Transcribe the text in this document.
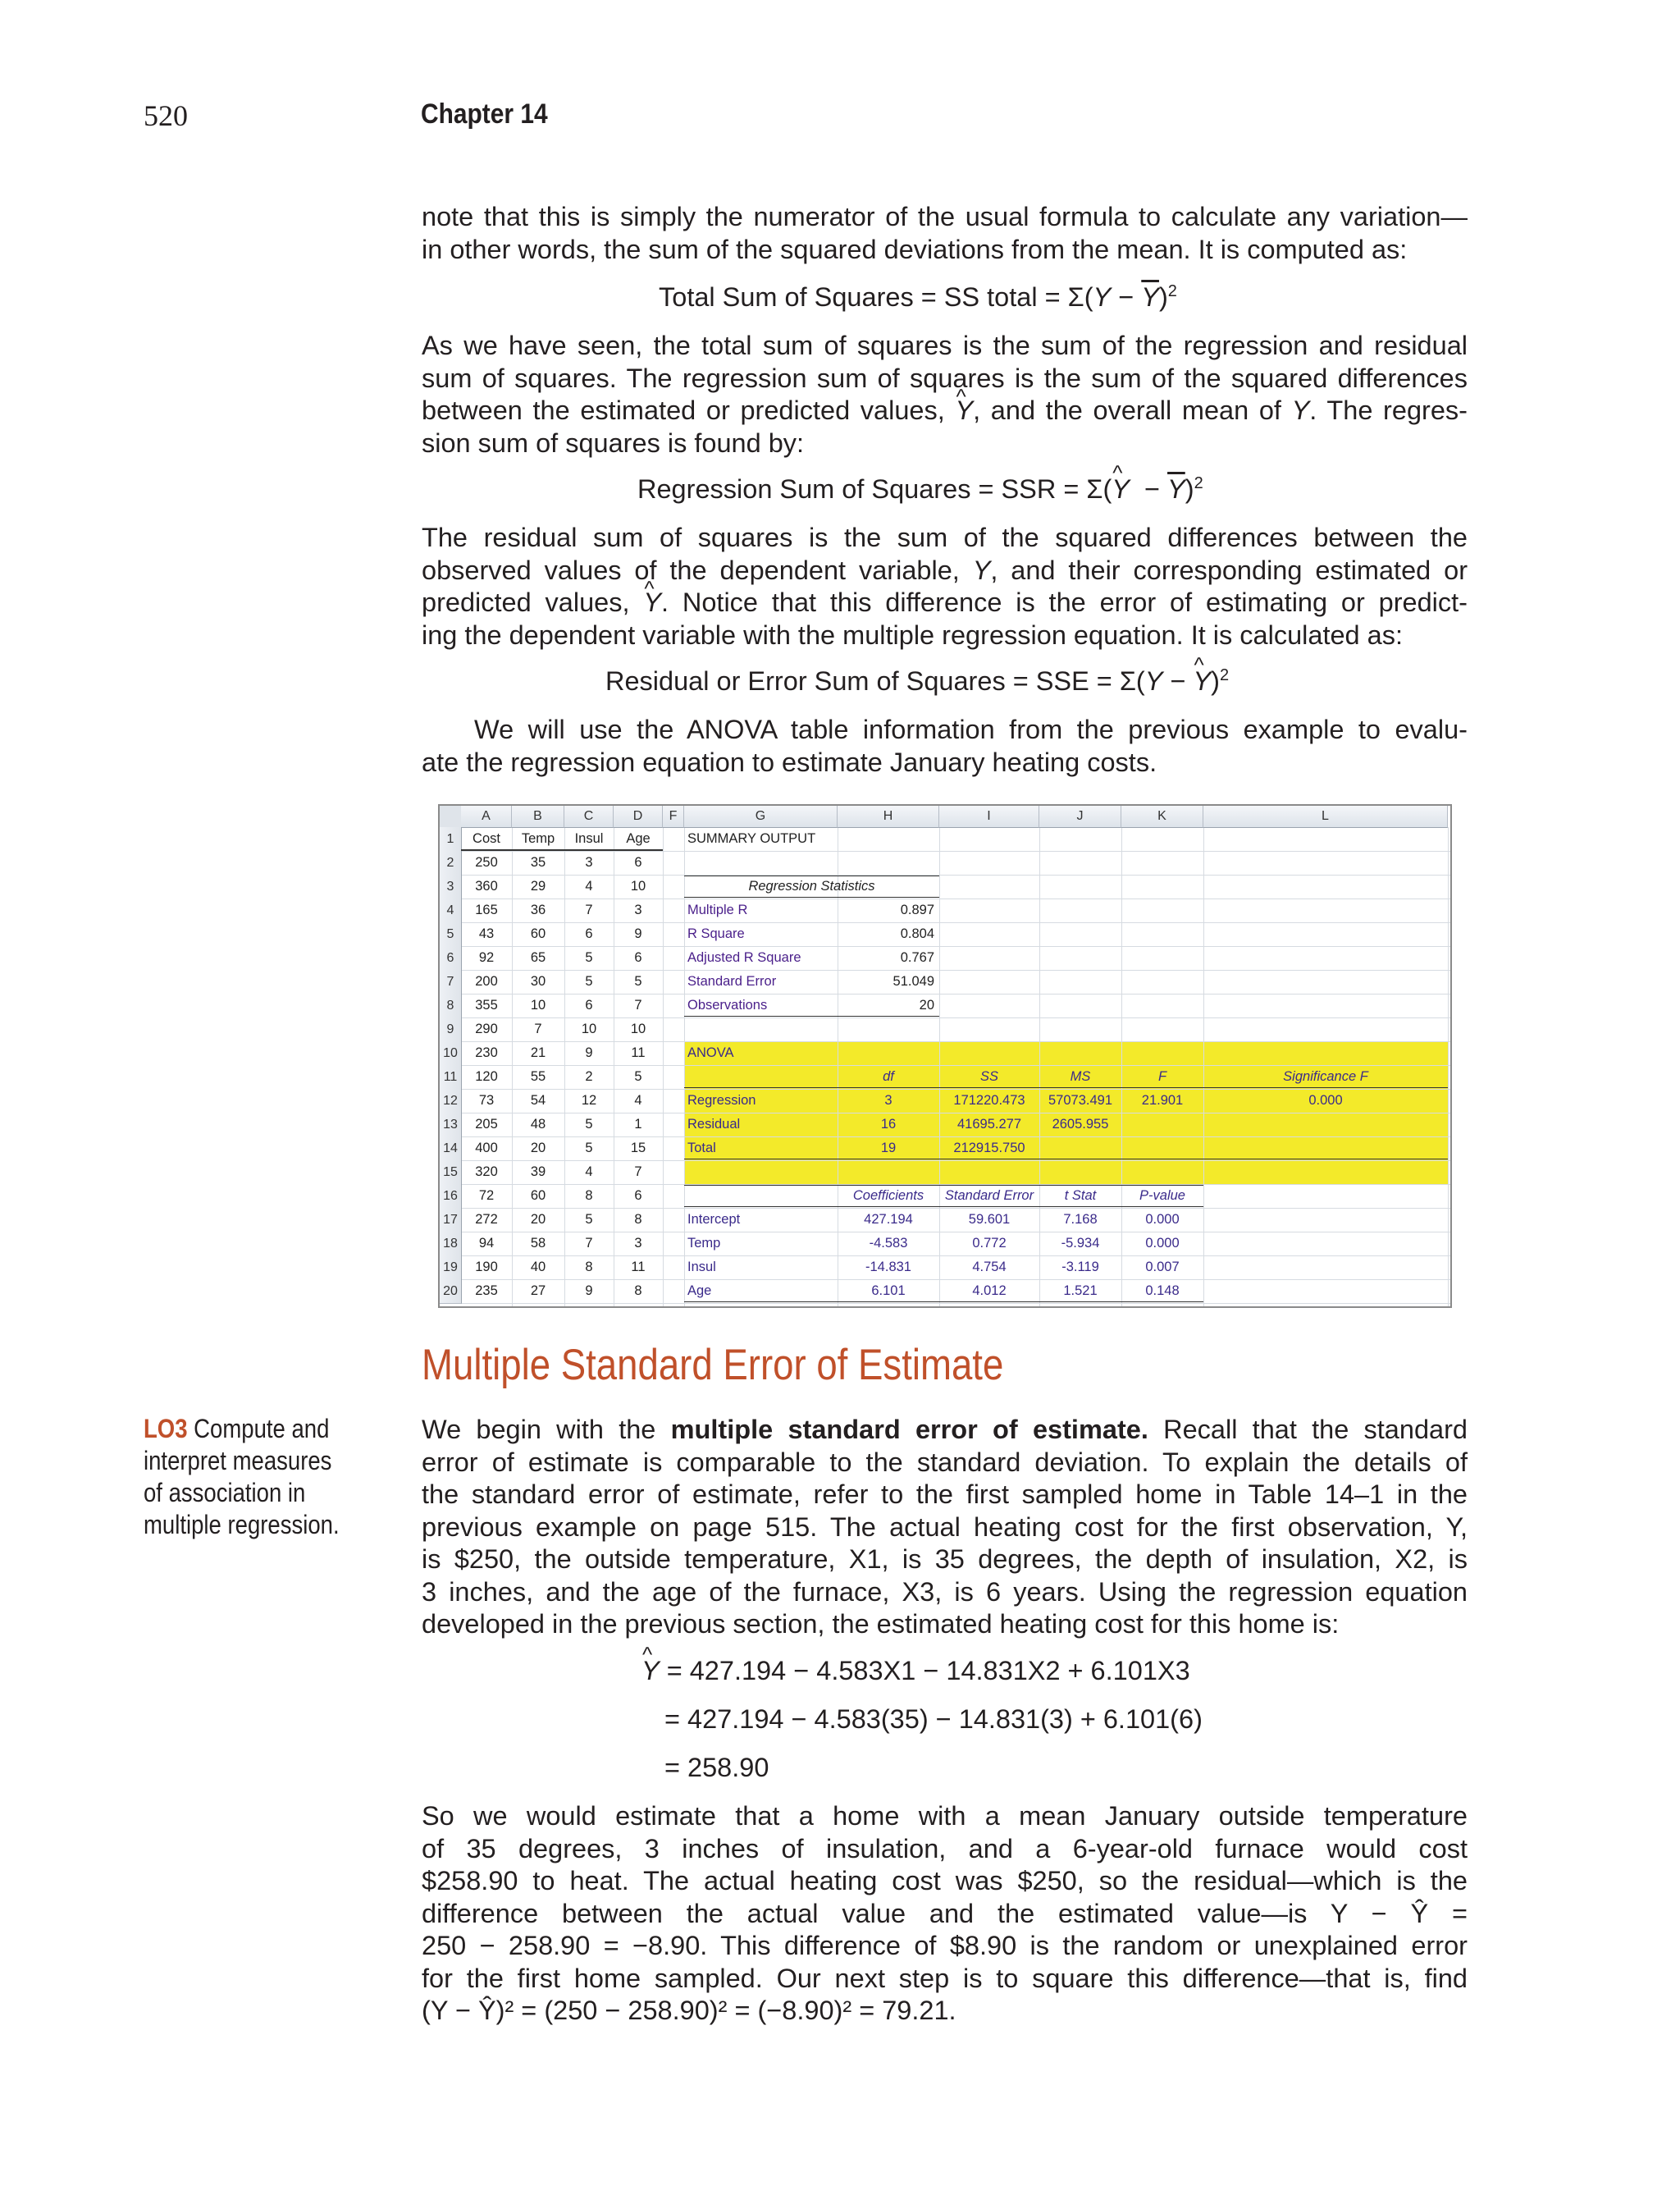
520	Chapter 14
note that this is simply the numerator of the usual formula to calculate any variation—
in other words, the sum of the squared deviations from the mean. It is computed as:
Total Sum of Squares = SS total = $\Sigma(Y - \overline{Y})^2$
As we have seen, the total sum of squares is the sum of the regression and residual
sum of squares. The regression sum of squares is the sum of the squared differences
between the estimated or predicted values, ^ Y, and the overall mean of Y. The regres-
sion sum of squares is found by:
Regression Sum of Squares = SSR = Σ(^ $Y - \overline{Y})^2$
The residual sum of squares is the sum of the squared differences between the
observed values of the dependent variable, Y, and their corresponding estimated or
predicted values, ^ Y. Notice that this difference is the error of estimating or predict-
ing the dependent variable with the multiple regression equation. It is calculated as:
Residual or Error Sum of Squares = SSE = Σ(Y − ^ Y)$^2$
We will use the ANOVA table information from the previous example to evalu-
ate the regression equation to estimate January heating costs.
A	B	C	D	F	G	H	I	J	K	L
1
2
3
4
5
6
7
8
9
10
11
12
13
14
15
16
17
18
19
20
Cost	Temp	Insul	Age
250	35	3	6
360	29	4	10
165	36	7	3
43	60	6	9
92	65	5	6
200	30	5	5
355	10	6	7
290	7	10	10
230	21	9	11
120	55	2	5
73	54	12	4
205	48	5	1
400	20	5	15
320	39	4	7
72	60	8	6
272	20	5	8
94	58	7	3
190	40	8	11
235	27	9	8
SUMMARY OUTPUT
Regression Statistics
Multiple R	0.897
R Square	0.804
Adjusted R Square	0.767
Standard Error	51.049
Observations	20
ANOVA
df	SS	MS	F	Significance F
Regression	3	171220.473	57073.491	21.901	0.000
Residual	16	41695.277	2605.955
Total	19	212915.750
Coefficients	Standard Error	t Stat	P-value
Intercept	427.194	59.601	7.168	0.000
Temp	-4.583	0.772	-5.934	0.000
Insul	-14.831	4.754	-3.119	0.007
Age	6.101	4.012	1.521	0.148
Multiple Standard Error of Estimate
LO3 Compute and interpret measures of association in multiple regression.
We begin with the multiple standard error of estimate. Recall that the standard
error of estimate is comparable to the standard deviation. To explain the details of
the standard error of estimate, refer to the first sampled home in Table 14–1 in the
previous example on page 515. The actual heating cost for the first observation, Y,
is $250, the outside temperature, X1, is 35 degrees, the depth of insulation, X2, is
3 inches, and the age of the furnace, X3, is 6 years. Using the regression equation
developed in the previous section, the estimated heating cost for this home is:
^ Y = 427.194 − 4.583X1 − 14.831X2 + 6.101X3
= 427.194 − 4.583(35) − 14.831(3) + 6.101(6)
= 258.90
So we would estimate that a home with a mean January outside temperature
of 35 degrees, 3 inches of insulation, and a 6-year-old furnace would cost
$258.90 to heat. The actual heating cost was $250, so the residual—which is the
difference between the actual value and the estimated value—is Y − Ŷ =
250 − 258.90 = −8.90. This difference of $8.90 is the random or unexplained error
for the first home sampled. Our next step is to square this difference—that is, find
(Y − Ŷ)² = (250 − 258.90)² = (−8.90)² = 79.21.
